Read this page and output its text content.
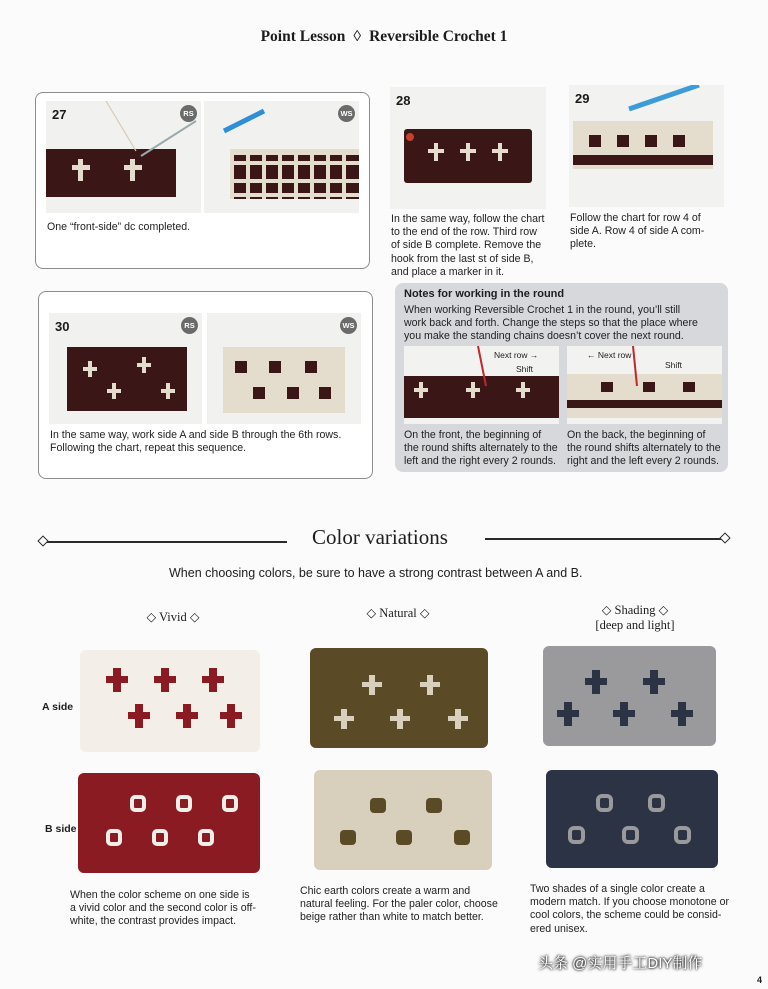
Point Lesson ◊ Reversible Crochet 1
27	RS	WS
One “front-side” dc completed.
28
In the same way, follow the chart
to the end of the row. Third row
of side B complete. Remove the
hook from the last st of side B,
and place a marker in it.
29
Follow the chart for row 4 of
side A. Row 4 of side A com-
plete.
30	RS	WS
In the same way, work side A and side B through the 6th rows.
Following the chart, repeat this sequence.
Notes for working in the round
When working Reversible Crochet 1 in the round, you’ll still
work back and forth. Change the steps so that the place where
you make the standing chains doesn’t cover the next round.
Next row →
Shift
← Next row
Shift
On the front, the beginning of
the round shifts alternately to the
left and the right every 2 rounds.
On the back, the beginning of
the round shifts alternately to the
right and the left every 2 rounds.
Color variations
When choosing colors, be sure to have a strong contrast between A and B.
◇ Vivid ◇	◇ Natural ◇	◇ Shading ◇
[deep and light]
A side
B side
When the color scheme on one side is
a vivid color and the second color is off-
white, the contrast provides impact.
Chic earth colors create a warm and
natural feeling. For the paler color, choose
beige rather than white to match better.
Two shades of a single color create a
modern match. If you choose monotone or
cool colors, the scheme could be consid-
ered unisex.
头条 @实用手工DIY制作
4
